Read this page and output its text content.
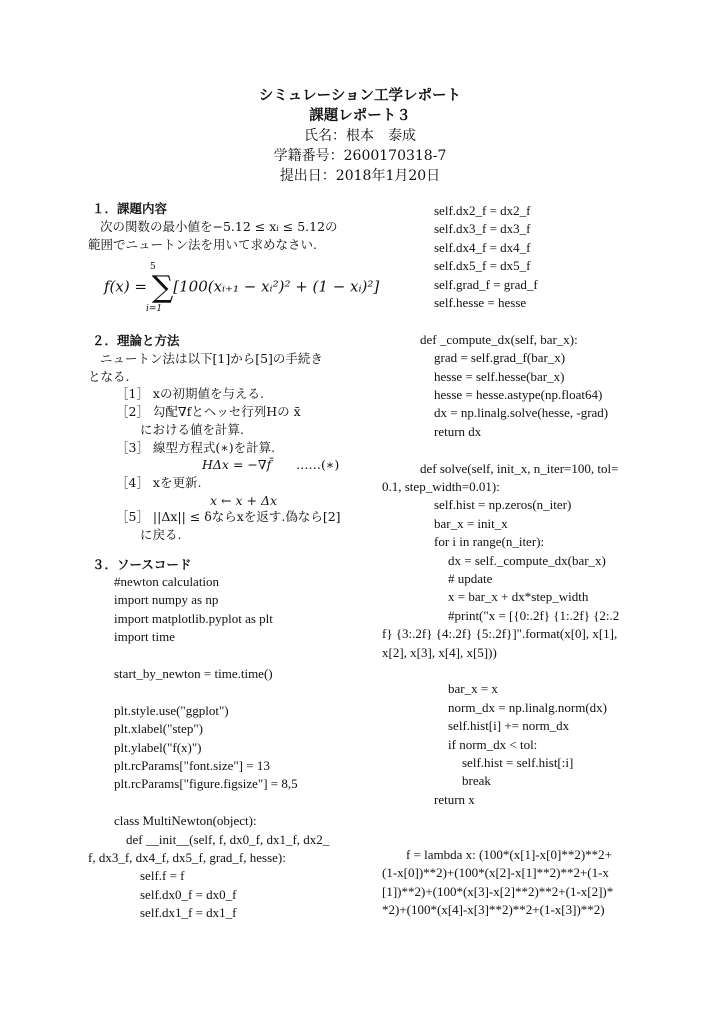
シミュレーション工学レポート
課題レポート３
氏名：根本　泰成
学籍番号：2600170318-7
提出日：2018年1月20日
１．課題内容
次の関数の最小値を−5.12 ≤ xᵢ ≤ 5.12の
範囲でニュートン法を用いて求めなさい.
f(x) = ∑[100(xᵢ₊₁ − xᵢ²)² + (1 − xᵢ)²]
5
i=1
２．理論と方法
ニュートン法は以下[1]から[5]の手続き
となる.
［1］ xの初期値を与える.
［2］ 勾配∇fとヘッセ行列Hの x̄
における値を計算.
［3］ 線型方程式(∗)を計算.
HΔx = −∇f̄ ……(∗)
［4］ xを更新.
x ← x + Δx
［5］ ||Δx|| ≤ δならxを返す.偽なら[2]
に戻る.
３．ソースコード
#newton calculation
import numpy as np
import matplotlib.pyplot as plt
import time
start_by_newton = time.time()
plt.style.use("ggplot")
plt.xlabel("step")
plt.ylabel("f(x)")
plt.rcParams["font.size"] = 13
plt.rcParams["figure.figsize"] = 8,5
class MultiNewton(object):
def __init__(self, f, dx0_f, dx1_f, dx2_
f, dx3_f, dx4_f, dx5_f, grad_f, hesse):
self.f = f
self.dx0_f = dx0_f
self.dx1_f = dx1_f
self.dx2_f = dx2_f
self.dx3_f = dx3_f
self.dx4_f = dx4_f
self.dx5_f = dx5_f
self.grad_f = grad_f
self.hesse = hesse
def _compute_dx(self, bar_x):
grad = self.grad_f(bar_x)
hesse = self.hesse(bar_x)
hesse = hesse.astype(np.float64)
dx = np.linalg.solve(hesse, -grad)
return dx
def solve(self, init_x, n_iter=100, tol=
0.1, step_width=0.01):
self.hist = np.zeros(n_iter)
bar_x = init_x
for i in range(n_iter):
dx = self._compute_dx(bar_x)
# update
x = bar_x + dx*step_width
#print("x = [{0:.2f} {1:.2f} {2:.2
f} {3:.2f} {4:.2f} {5:.2f}]".format(x[0], x[1],
x[2], x[3], x[4], x[5]))
bar_x = x
norm_dx = np.linalg.norm(dx)
self.hist[i] += norm_dx
if norm_dx < tol:
self.hist = self.hist[:i]
break
return x
f = lambda x: (100*(x[1]-x[0]**2)**2+
(1-x[0])**2)+(100*(x[2]-x[1]**2)**2+(1-x
[1])**2)+(100*(x[3]-x[2]**2)**2+(1-x[2])*
*2)+(100*(x[4]-x[3]**2)**2+(1-x[3])**2)
